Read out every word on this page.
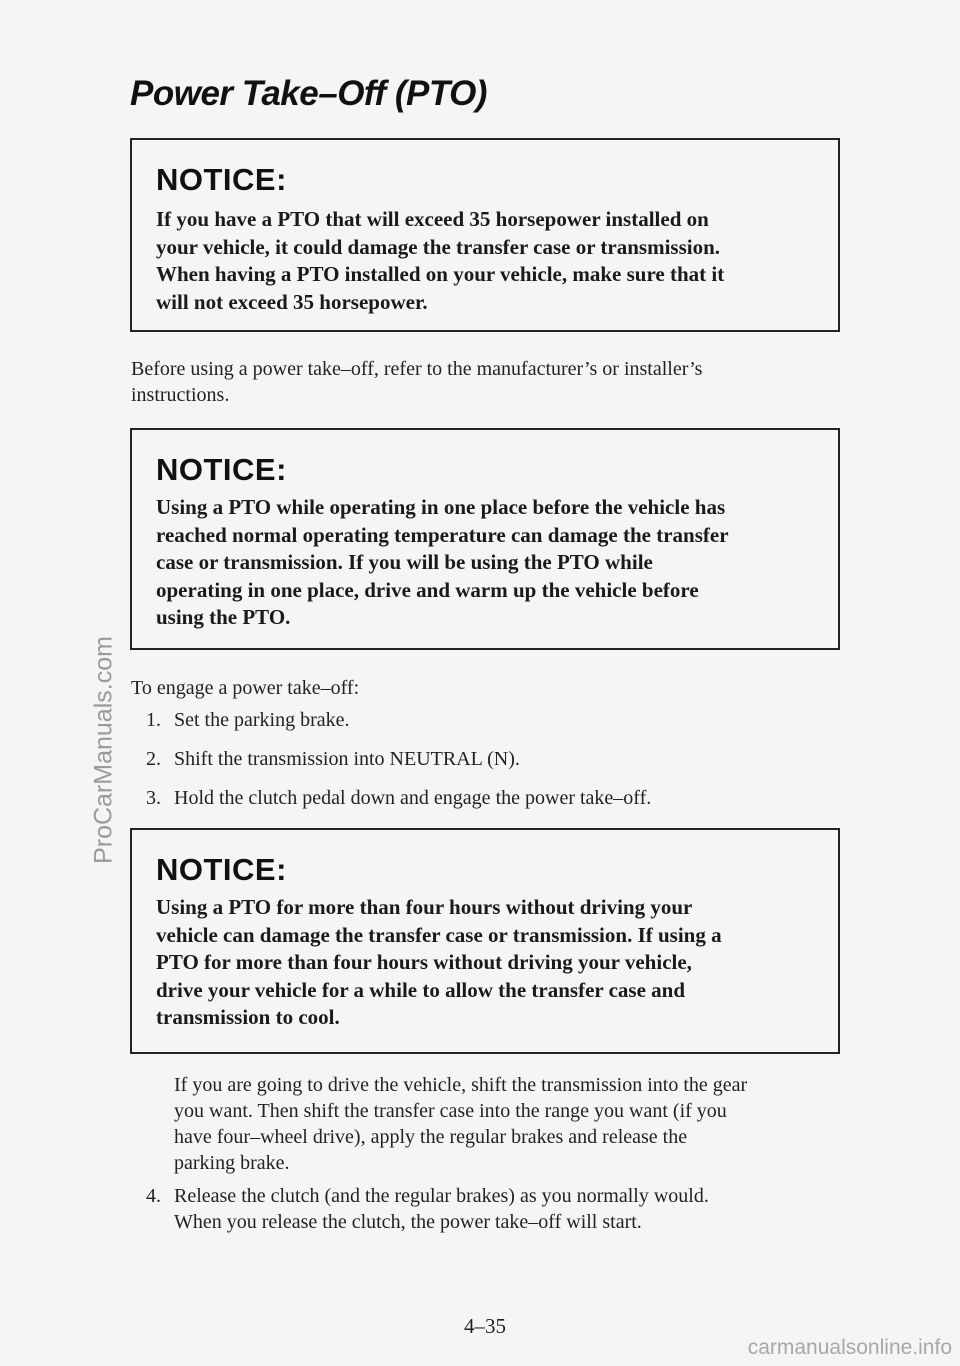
Power Take–Off (PTO)
NOTICE:
If you have a PTO that will exceed 35 horsepower installed on
your vehicle, it could damage the transfer case or transmission.
When having a PTO installed on your vehicle, make sure that it
will not exceed 35 horsepower.
Before using a power take–off, refer to the manufacturer’s or installer’s
instructions.
NOTICE:
Using a PTO while operating in one place before the vehicle has
reached normal operating temperature can damage the transfer
case or transmission. If you will be using the PTO while
operating in one place, drive and warm up the vehicle before
using the PTO.
To engage a power take–off:
1. Set the parking brake.
2. Shift the transmission into NEUTRAL (N).
3. Hold the clutch pedal down and engage the power take–off.
NOTICE:
Using a PTO for more than four hours without driving your
vehicle can damage the transfer case or transmission. If using a
PTO for more than four hours without driving your vehicle,
drive your vehicle for a while to allow the transfer case and
transmission to cool.
If you are going to drive the vehicle, shift the transmission into the gear
you want. Then shift the transfer case into the range you want (if you
have four–wheel drive), apply the regular brakes and release the
parking brake.
4. Release the clutch (and the regular brakes) as you normally would.
When you release the clutch, the power take–off will start.
4–35
ProCarManuals.com
carmanualsonline.info
